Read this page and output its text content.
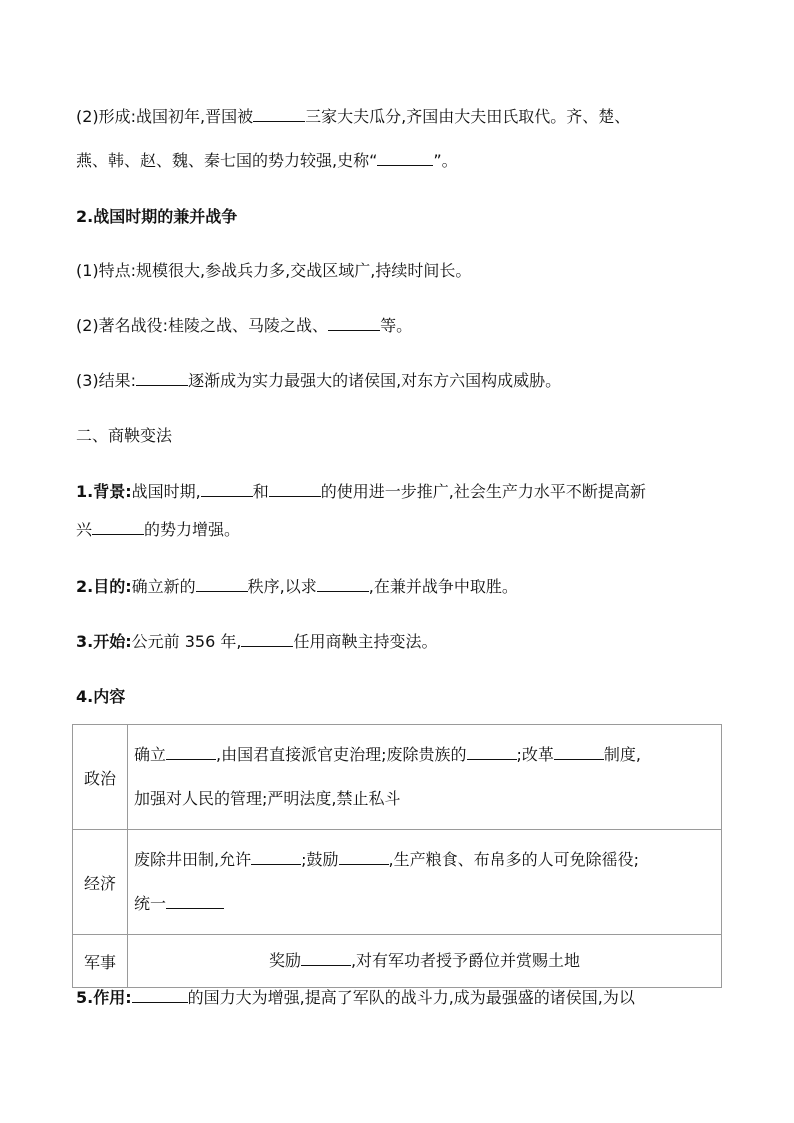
(2)形成:战国初年,晋国被	三家大夫瓜分,齐国由大夫田氏取代。齐、楚、
燕、韩、赵、魏、秦七国的势力较强,史称“	”。
2.战国时期的兼并战争
(1)特点:规模很大,参战兵力多,交战区域广,持续时间长。
(2)著名战役:桂陵之战、马陵之战、	等。
(3)结果:	逐渐成为实力最强大的诸侯国,对东方六国构成威胁。
二、商鞅变法
1.背景:战国时期,	和	的使用进一步推广,社会生产力水平不断提高新
兴	的势力增强。
2.目的:确立新的	秩序,以求	,在兼并战争中取胜。
3.开始:公元前 356 年,	任用商鞅主持变法。
4.内容
政治	确立 ,由国君直接派官吏治理;废除贵族的 ;改革 制度,
加强对人民的管理;严明法度,禁止私斗
经济	废除井田制,允许 ;鼓励 ,生产粮食、布帛多的人可免除徭役;
统一
军事	奖励 ,对有军功者授予爵位并赏赐土地
5.作用:	的国力大为增强,提高了军队的战斗力,成为最强盛的诸侯国,为以
